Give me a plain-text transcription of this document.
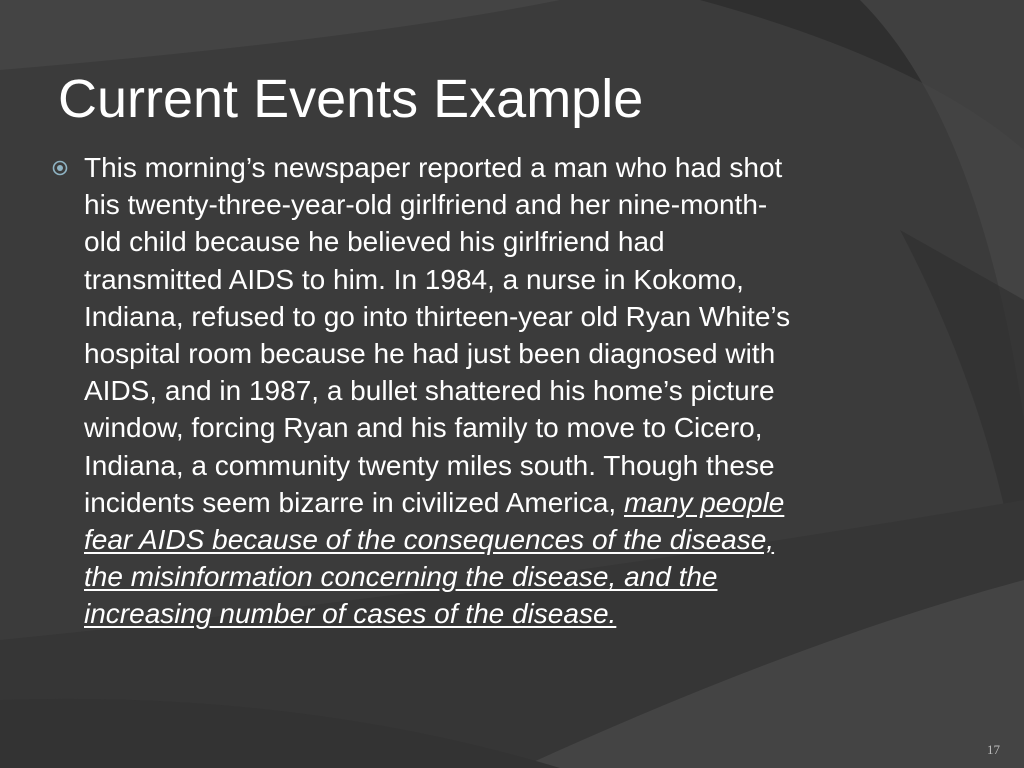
Current Events Example
This morning’s newspaper reported a man who had shot
his twenty-three-year-old girlfriend and her nine-month-
old child because he believed his girlfriend had
transmitted AIDS to him. In 1984, a nurse in Kokomo,
Indiana, refused to go into thirteen-year old Ryan White’s
hospital room because he had just been diagnosed with
AIDS, and in 1987, a bullet shattered his home’s picture
window, forcing Ryan and his family to move to Cicero,
Indiana, a community twenty miles south. Though these
incidents seem bizarre in civilized America, many people
fear AIDS because of the consequences of the disease,
the misinformation concerning the disease, and the
increasing number of cases of the disease.
17
